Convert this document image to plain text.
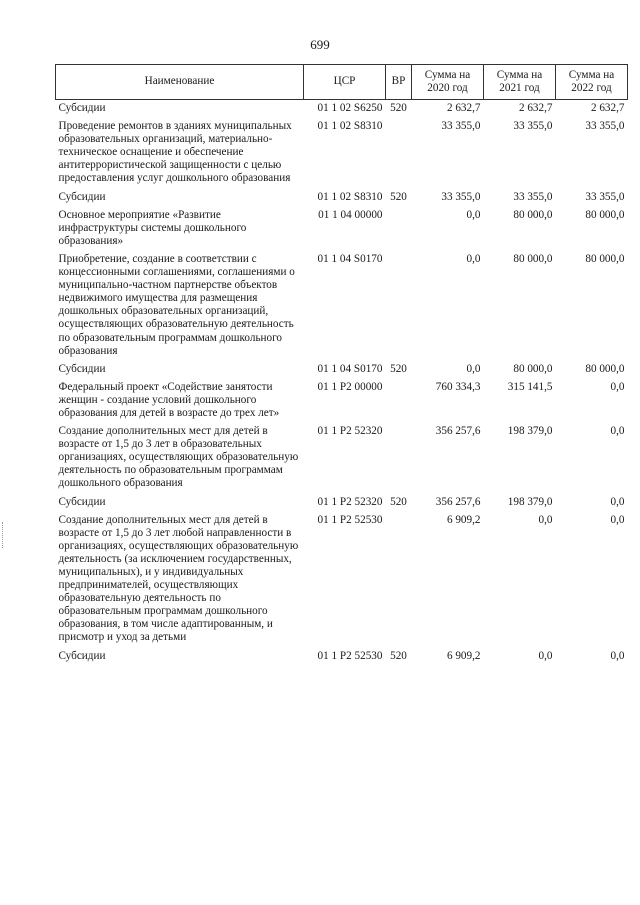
699
Наименование	ЦСР	ВР	Сумма на 2020 год	Сумма на 2021 год	Сумма на 2022 год
Субсидии	01 1 02 S6250	520	2 632,7	2 632,7	2 632,7
Проведение ремонтов в зданиях муниципальных образовательных организаций, материально-техническое оснащение и обеспечение антитеррористической защищенности с целью предоставления услуг дошкольного образования	01 1 02 S8310		33 355,0	33 355,0	33 355,0
Субсидии	01 1 02 S8310	520	33 355,0	33 355,0	33 355,0
Основное мероприятие «Развитие инфраструктуры системы дошкольного образования»	01 1 04 00000		0,0	80 000,0	80 000,0
Приобретение, создание в соответствии с концессионными соглашениями, соглашениями о муниципально-частном партнерстве объектов недвижимого имущества для размещения дошкольных образовательных организаций, осуществляющих образовательную деятельность по образовательным программам дошкольного образования	01 1 04 S0170		0,0	80 000,0	80 000,0
Субсидии	01 1 04 S0170	520	0,0	80 000,0	80 000,0
Федеральный проект «Содействие занятости женщин - создание условий дошкольного образования для детей в возрасте до трех лет»	01 1 P2 00000		760 334,3	315 141,5	0,0
Создание дополнительных мест для детей в возрасте от 1,5 до 3 лет в образовательных организациях, осуществляющих образовательную деятельность по образовательным программам дошкольного образования	01 1 P2 52320		356 257,6	198 379,0	0,0
Субсидии	01 1 P2 52320	520	356 257,6	198 379,0	0,0
Создание дополнительных мест для детей в возрасте от 1,5 до 3 лет любой направленности в организациях, осуществляющих образовательную деятельность (за исключением государственных, муниципальных), и у индивидуальных предпринимателей, осуществляющих образовательную деятельность по образовательным программам дошкольного образования, в том числе адаптированным, и присмотр и уход за детьми	01 1 P2 52530		6 909,2	0,0	0,0
Субсидии	01 1 P2 52530	520	6 909,2	0,0	0,0
